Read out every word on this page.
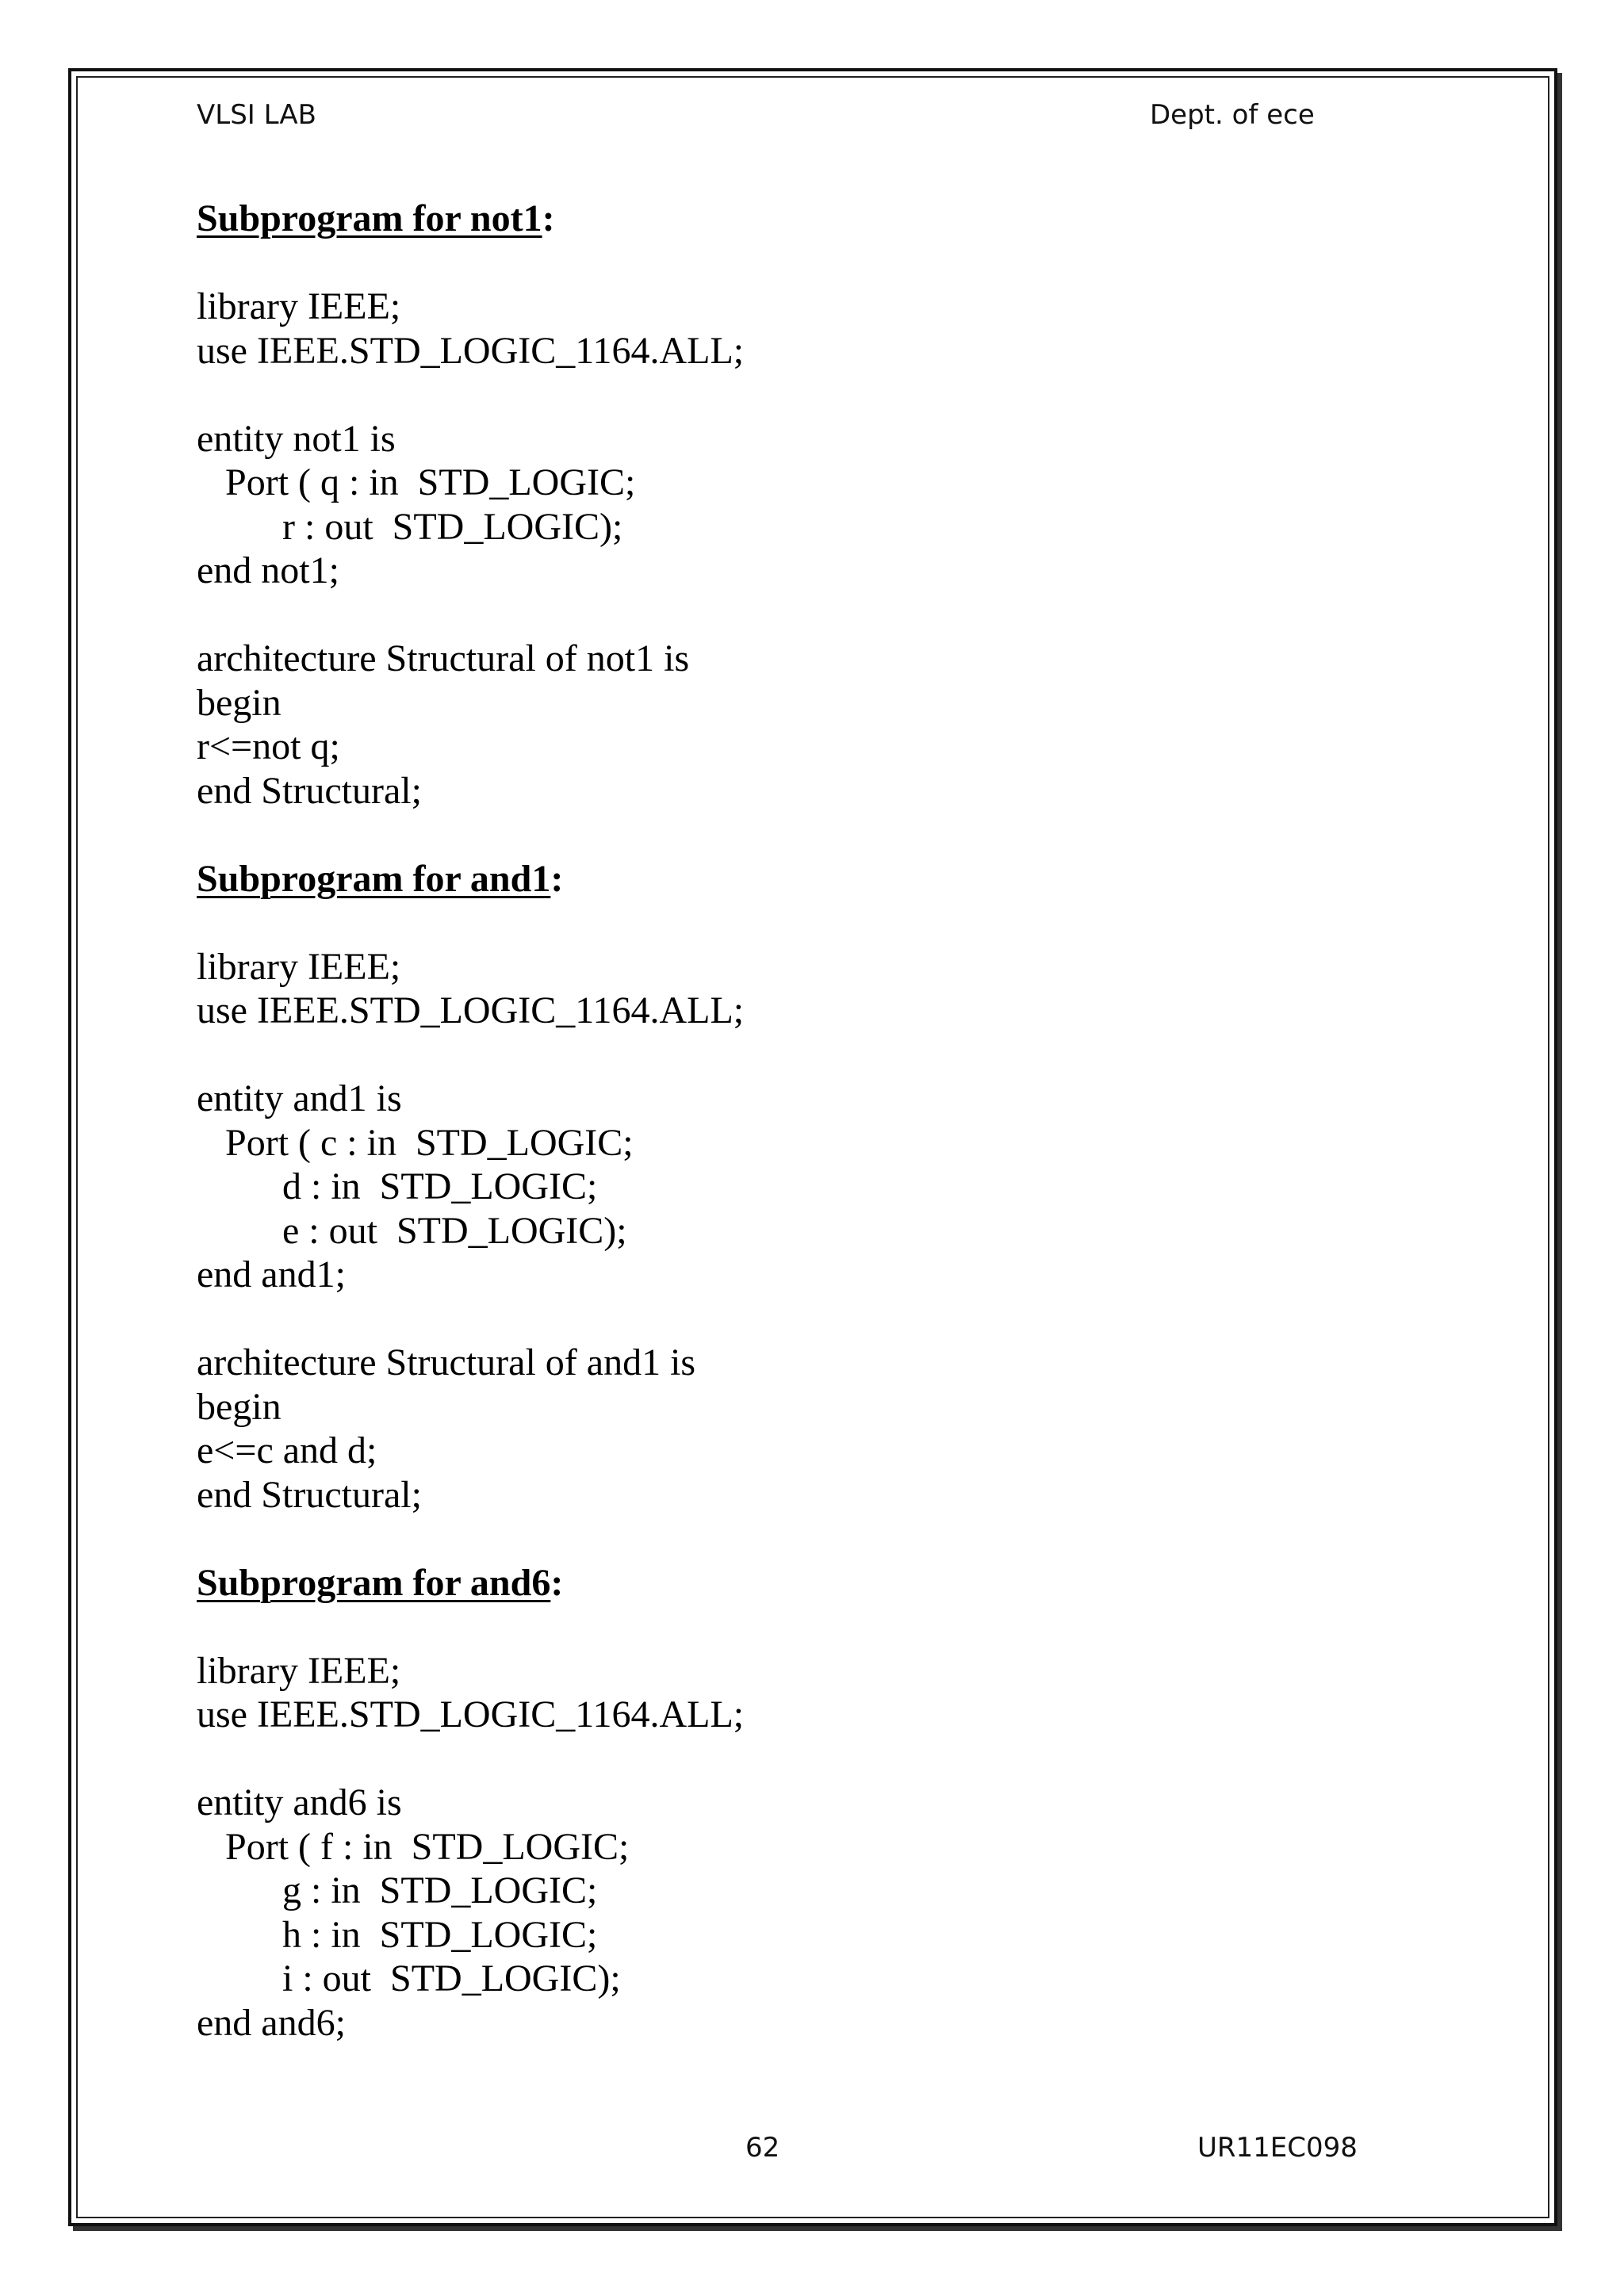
VLSI LAB	Dept. of ece
Subprogram for not1:
library IEEE;
use IEEE.STD_LOGIC_1164.ALL;
entity not1 is
Port ( q : in  STD_LOGIC;
r : out  STD_LOGIC);
end not1;
architecture Structural of not1 is
begin
r<=not q;
end Structural;
Subprogram for and1:
library IEEE;
use IEEE.STD_LOGIC_1164.ALL;
entity and1 is
Port ( c : in  STD_LOGIC;
d : in  STD_LOGIC;
e : out  STD_LOGIC);
end and1;
architecture Structural of and1 is
begin
e<=c and d;
end Structural;
Subprogram for and6:
library IEEE;
use IEEE.STD_LOGIC_1164.ALL;
entity and6 is
Port ( f : in  STD_LOGIC;
g : in  STD_LOGIC;
h : in  STD_LOGIC;
i : out  STD_LOGIC);
end and6;
62	UR11EC098
